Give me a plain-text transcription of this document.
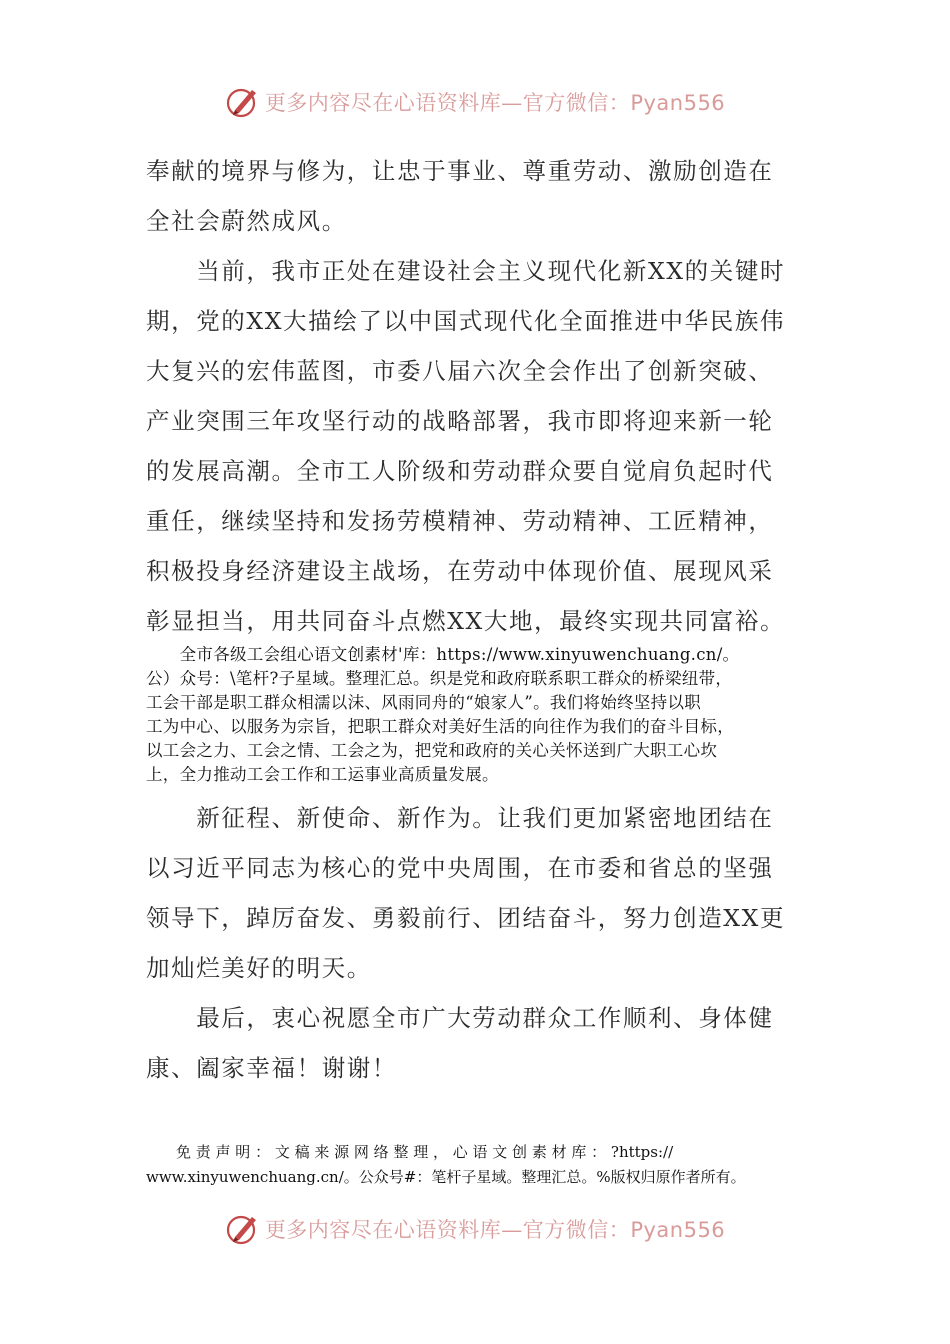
更多内容尽在心语资料库—官方微信：Pyan556

奉献的境界与修为，让忠于事业、尊重劳动、激励创造在
全社会蔚然成风。

　　当前，我市正处在建设社会主义现代化新XX的关键时
期，党的XX大描绘了以中国式现代化全面推进中华民族伟
大复兴的宏伟蓝图，市委八届六次全会作出了创新突破、
产业突围三年攻坚行动的战略部署，我市即将迎来新一轮
的发展高潮。全市工人阶级和劳动群众要自觉肩负起时代
重任，继续坚持和发扬劳模精神、劳动精神、工匠精神，
积极投身经济建设主战场，在劳动中体现价值、展现风采
彰显担当，用共同奋斗点燃XX大地，最终实现共同富裕。

　　全市各级工会组心语文创素材'库：https://www.xinyuwenchuang.cn/。
公）众号：\笔杆?子星域。整理汇总。织是党和政府联系职工群众的桥梁纽带，
工会干部是职工群众相濡以沫、风雨同舟的“娘家人”。我们将始终坚持以职
工为中心、以服务为宗旨，把职工群众对美好生活的向往作为我们的奋斗目标，
以工会之力、工会之情、工会之为，把党和政府的关心关怀送到广大职工心坎
上，全力推动工会工作和工运事业高质量发展。

　　新征程、新使命、新作为。让我们更加紧密地团结在
以习近平同志为核心的党中央周围，在市委和省总的坚强
领导下，踔厉奋发、勇毅前行、团结奋斗，努力创造XX更
加灿烂美好的明天。

　　最后，衷心祝愿全市广大劳动群众工作顺利、身体健
康、阖家幸福！谢谢！

　　免 责 声 明 ： 文 稿 来 源 网 络 整 理 ， 心 语 文 创 素 材 库 ： ?https://
www.xinyuwenchuang.cn/。公众号#：笔杆子星域。整理汇总。%版权归原作者所有。

更多内容尽在心语资料库—官方微信：Pyan556
